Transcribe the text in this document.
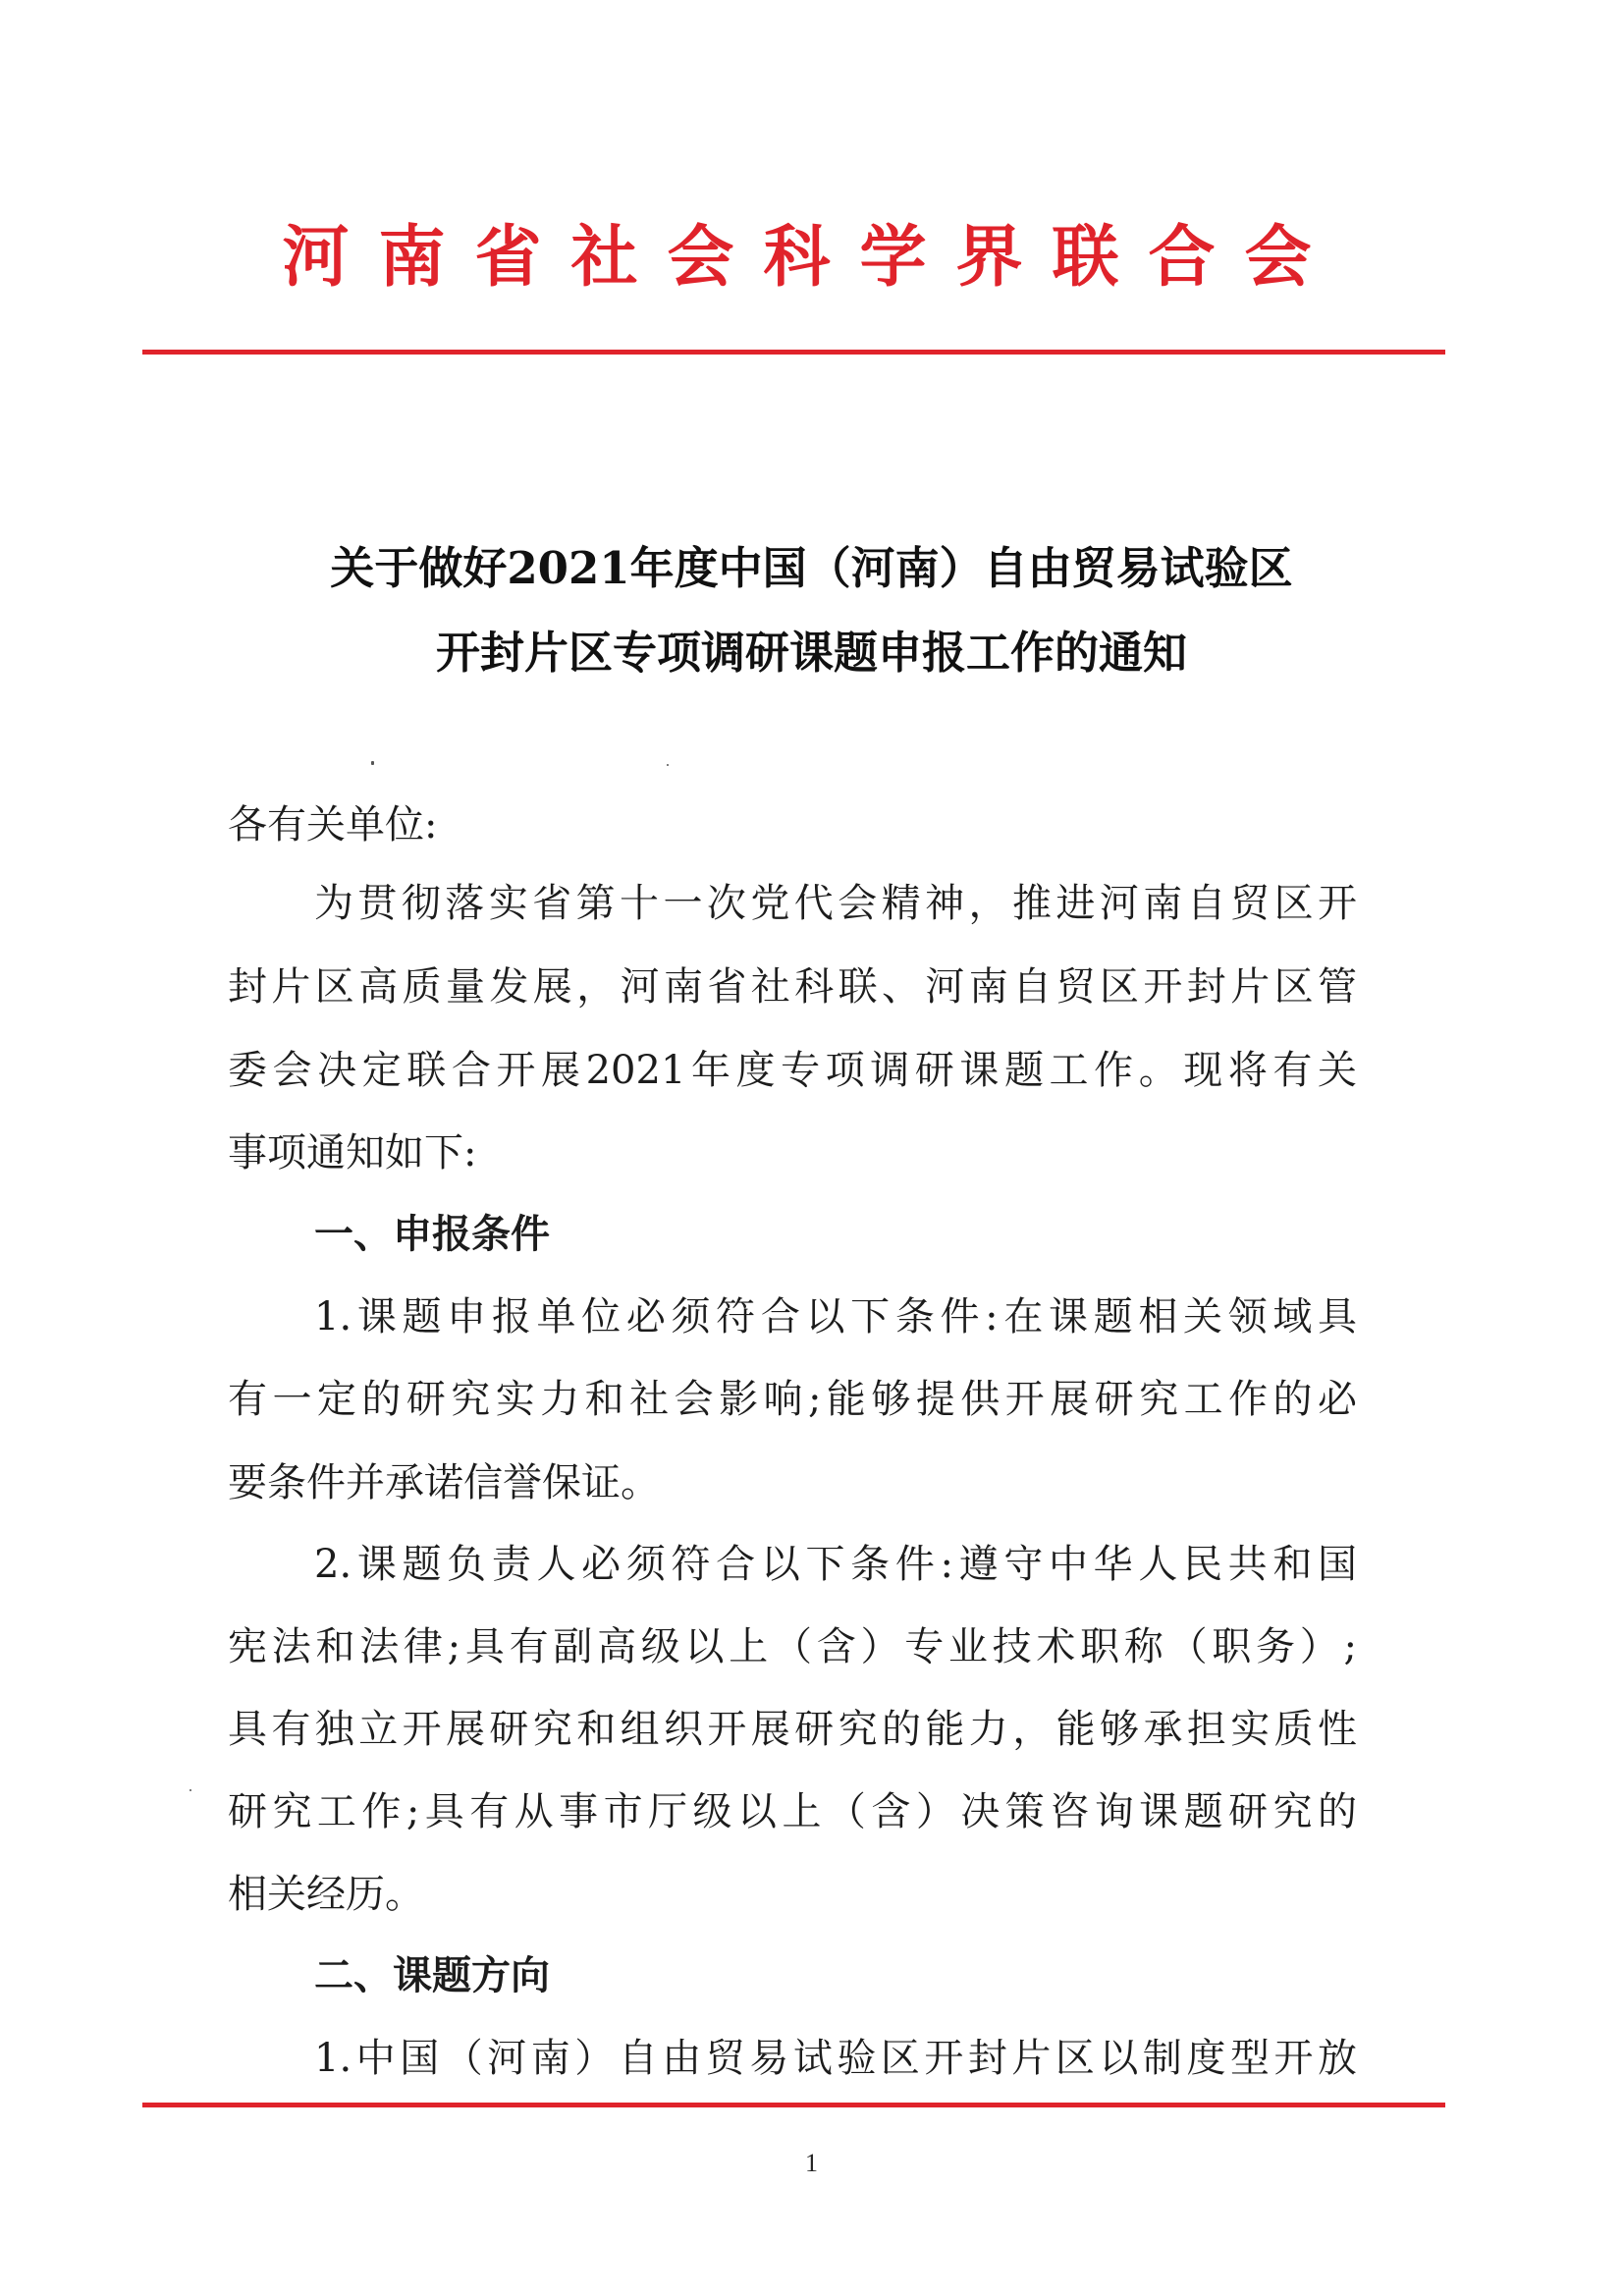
河南省社会科学界联合会
关于做好2021年度中国（河南）自由贸易试验区
开封片区专项调研课题申报工作的通知
各有关单位:
为贯彻落实省第十一次党代会精神，推进河南自贸区开
封片区高质量发展，河南省社科联、河南自贸区开封片区管
委会决定联合开展2021年度专项调研课题工作。现将有关
事项通知如下:
一、申报条件
1.课题申报单位必须符合以下条件:在课题相关领域具
有一定的研究实力和社会影响;能够提供开展研究工作的必
要条件并承诺信誉保证。
2.课题负责人必须符合以下条件:遵守中华人民共和国
宪法和法律;具有副高级以上（含）专业技术职称（职务）;
具有独立开展研究和组织开展研究的能力，能够承担实质性
研究工作;具有从事市厅级以上（含）决策咨询课题研究的
相关经历。
二、课题方向
1.中国（河南）自由贸易试验区开封片区以制度型开放
1
